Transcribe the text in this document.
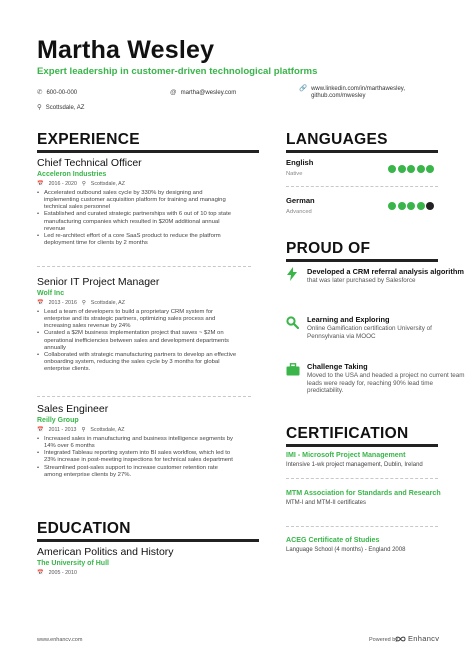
Martha Wesley
Expert leadership in customer-driven technological platforms
✆ 600-00-000	@ martha@wesley.com
🔗 www.linkedin.com/in/marthawesley,
github.com/mwesley
⚲ Scottsdale, AZ
EXPERIENCE
Chief Technical Officer
Acceleron Industries
📅 2016 - 2020 ⚲ Scottsdale, AZ
• Accelerated outbound sales cycle by 330% by designing and implementing customer acquisition platform for training and managing technical sales personnel
• Established and curated strategic partnerships with 6 out of 10 top state manufacturing companies which resulted in $20M additional annual revenue
• Led re-architect effort of a core SaaS product to reduce the platform deployment time for clients by 2 months
Senior IT Project Manager
Wolf Inc
📅 2013 - 2016 ⚲ Scottsdale, AZ
• Lead a team of developers to build a proprietary CRM system for enterprise and its strategic partners, optimizing sales process and increasing sales revenue by 24%
• Curated a $2M business implementation project that saves ~ $2M on operational inefficiencies between sales and development departments annually
• Collaborated with strategic manufacturing partners to develop an effective onboarding system, reducing the sales cycle by 3 months for global enterprise clients.
Sales Engineer
Reilly Group
📅 2011 - 2013 ⚲ Scottsdale, AZ
• Increased sales in manufacturing and business intelligence segments by 14% over 6 months
• Integrated Tableau reporting system into BI sales workflow, which led to 23% increase in post-meeting inspections for technical sales department
• Streamlined post-sales support to increase customer retention rate among enterprise clients by 27%.
EDUCATION
American Politics and History
The University of Hull
📅 2005 - 2010
LANGUAGES
English
Native
German
Advanced
PROUD OF
Developed a CRM referral analysis algorithm
that was later purchased by Salesforce
Learning and Exploring
Online Gamification certification University of Pennsylvania via MOOC
Challenge Taking
Moved to the USA and headed a project no current team leads were ready for, reaching 90% lead time predictability.
CERTIFICATION
IMI - Microsoft Project Management
Intensive 1-wk project management, Dublin, Ireland
MTM Association for Standards and Research
MTM-I and MTM-II certificates
ACEG Certificate of Studies
Language School (4 months) - England 2008
www.enhancv.com	Powered by Enhancv
